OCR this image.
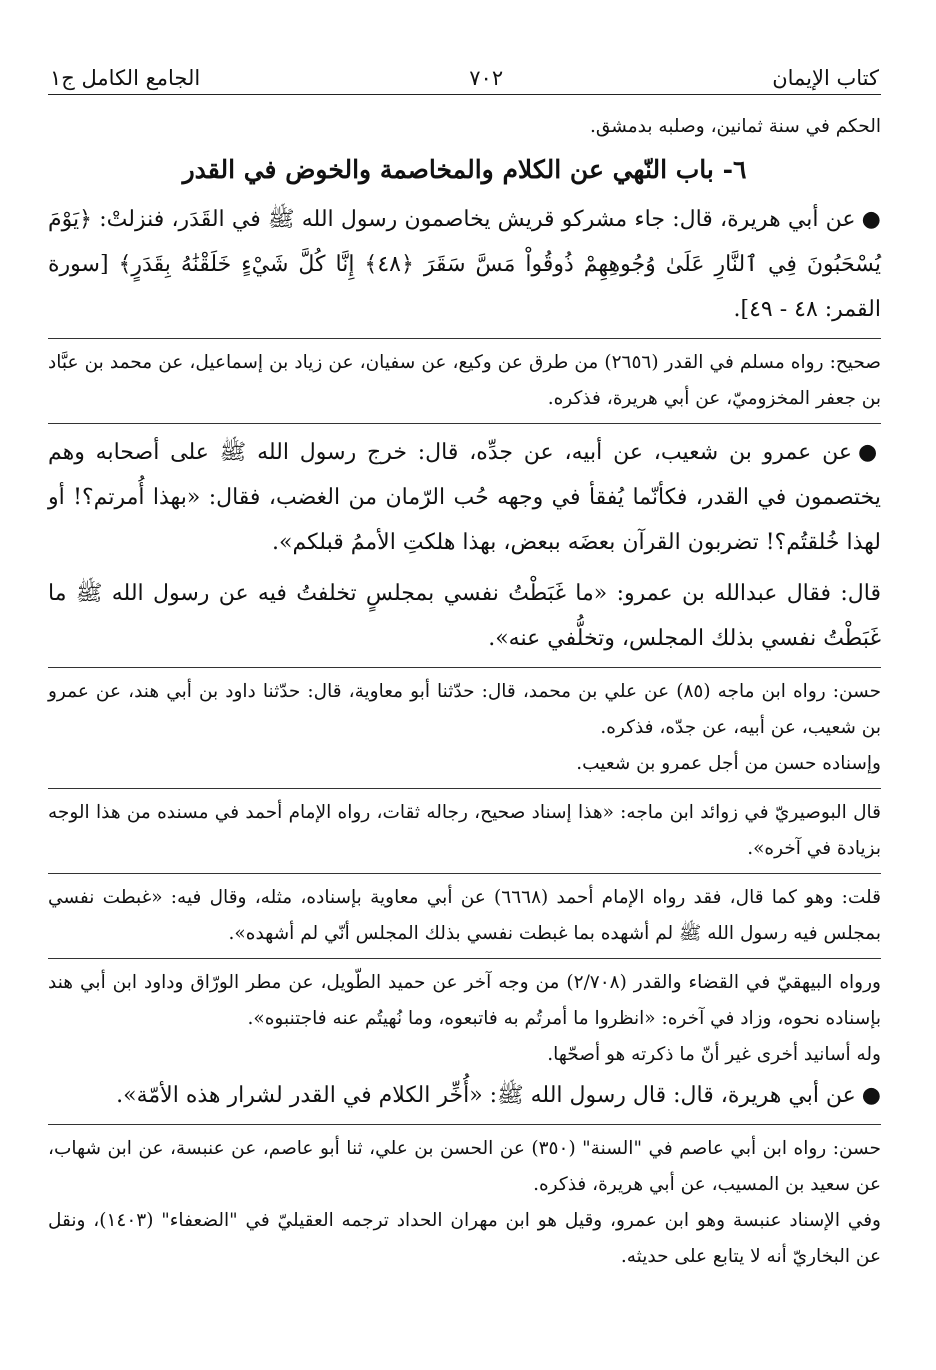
كتاب الإيمان
٧٠٢
الجامع الكامل ج١

الحكم في سنة ثمانين، وصلبه بدمشق.

٦- باب النّهي عن الكلام والمخاصمة والخوض في القدر

●عن أبي هريرة، قال: جاء مشركو قريش يخاصمون رسول الله ﷺ في القَدَر، فنزلتْ: ﴿يَوْمَ يُسْحَبُونَ فِي ٱلنَّارِ عَلَىٰ وُجُوهِهِمْ ذُوقُواْ مَسَّ سَقَرَ ﴿٤٨﴾ إِنَّا كُلَّ شَيْءٍ خَلَقْنَٰهُ بِقَدَرٍ﴾ [سورة القمر: ٤٨ - ٤٩].

صحيح: رواه مسلم في القدر (٢٦٥٦) من طرق عن وكيع، عن سفيان، عن زياد بن إسماعيل، عن محمد بن عبَّاد بن جعفر المخزوميّ، عن أبي هريرة، فذكره.

●عن عمرو بن شعيب، عن أبيه، عن جدِّه، قال: خرج رسول الله ﷺ على أصحابه وهم يختصمون في القدر، فكأنّما يُفقأ في وجهه حُب الرّمان من الغضب، فقال: «بهذا أُمرتم؟! أو لهذا خُلقتُم؟! تضربون القرآن بعضَه ببعض، بهذا هلكتِ الأممُ قبلكم».

قال: فقال عبدالله بن عمرو: «ما غَبَطْتُ نفسي بمجلسٍ تخلفتُ فيه عن رسول الله ﷺ ما غَبَطْتُ نفسي بذلك المجلس، وتخلُّفي عنه».

حسن: رواه ابن ماجه (٨٥) عن علي بن محمد، قال: حدّثنا أبو معاوية، قال: حدّثنا داود بن أبي هند، عن عمرو بن شعيب، عن أبيه، عن جدّه، فذكره.

وإسناده حسن من أجل عمرو بن شعيب.

قال البوصيريّ في زوائد ابن ماجه: «هذا إسناد صحيح، رجاله ثقات، رواه الإمام أحمد في مسنده من هذا الوجه بزيادة في آخره».

قلت: وهو كما قال، فقد رواه الإمام أحمد (٦٦٦٨) عن أبي معاوية بإسناده، مثله، وقال فيه: «غبطت نفسي بمجلس فيه رسول الله ﷺ لم أشهده بما غبطت نفسي بذلك المجلس أنّي لم أشهده».

ورواه البيهقيّ في القضاء والقدر (٢/٧٠٨) من وجه آخر عن حميد الطّويل، عن مطر الورّاق وداود ابن أبي هند بإسناده نحوه، وزاد في آخره: «انظروا ما أمرتُم به فاتبعوه، وما نُهيتُم عنه فاجتنبوه».

وله أسانيد أخرى غير أنّ ما ذكرته هو أصحّها.

●عن أبي هريرة، قال: قال رسول الله ﷺ: «أُخِّر الكلام في القدر لشرار هذه الأمّة».

حسن: رواه ابن أبي عاصم في "السنة" (٣٥٠) عن الحسن بن علي، ثنا أبو عاصم، عن عنبسة، عن ابن شهاب، عن سعيد بن المسيب، عن أبي هريرة، فذكره.

وفي الإسناد عنبسة وهو ابن عمرو، وقيل هو ابن مهران الحداد ترجمه العقيليّ في "الضعفاء" (١٤٠٣)، ونقل عن البخاريّ أنه لا يتابع على حديثه.
